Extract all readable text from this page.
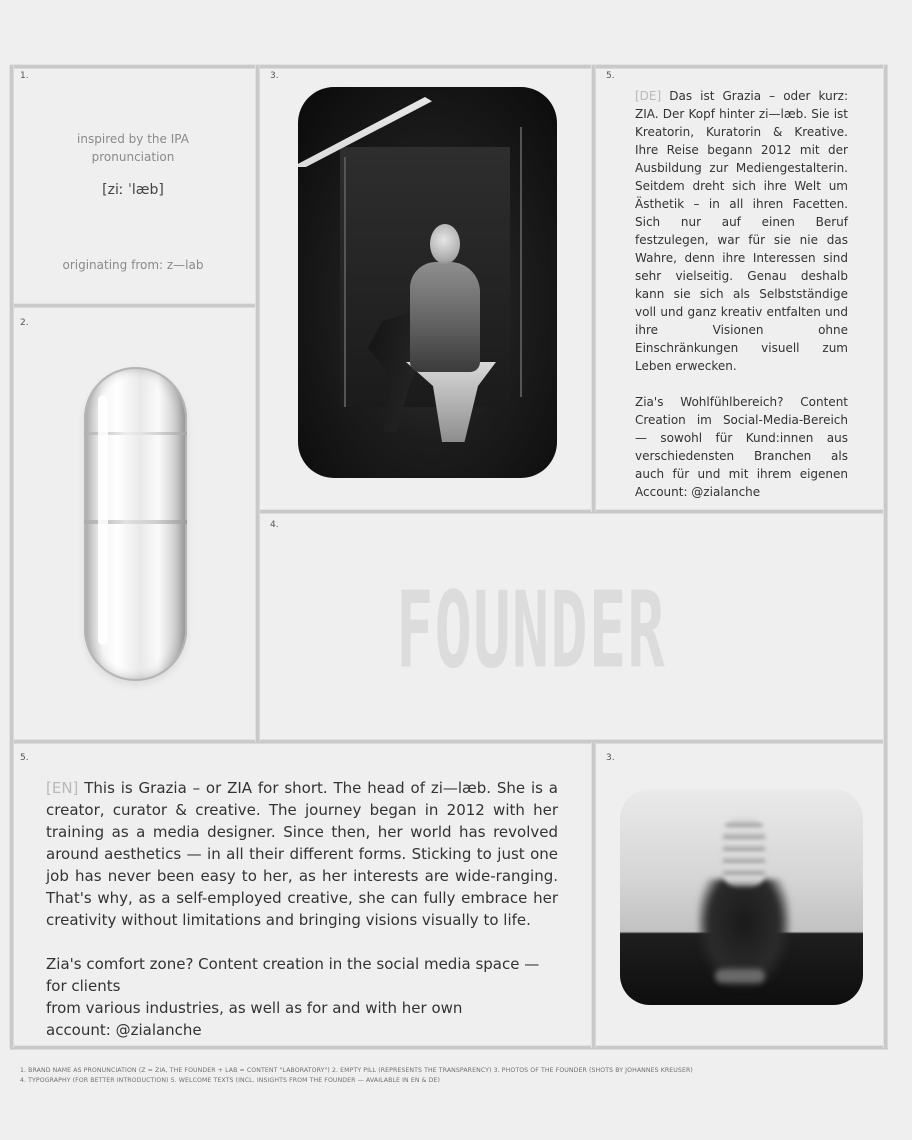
1.
2.
3.
4.
5.
5.	3.
inspired by the IPA
pronunciation
[ziː ˈlæb]
originating from: z—lab

[DE] Das ist Grazia – oder kurz: ZIA. Der Kopf hinter zi—læb. Sie ist Kreatorin, Kuratorin & Kreative. Ihre Reise begann 2012 mit der Ausbildung zur Mediengestalterin. Seitdem dreht sich ihre Welt um Ästhetik – in all ihren Facetten. Sich nur auf einen Beruf festzulegen, war für sie nie das Wahre, denn ihre Interessen sind sehr vielseitig. Genau deshalb kann sie sich als Selbstständige voll und ganz kreativ entfalten und ihre Visionen ohne Einschränkungen visuell zum Leben erwecken.

Zia's Wohlfühlbereich? Content Creation im Social-Media-Bereich — sowohl für Kund:innen aus verschiedensten Branchen als auch für und mit ihrem eigenen Account: @zialanche

FOUNDER

[EN] This is Grazia – or ZIA for short. The head of zi—læb. She is a creator, curator & creative. The journey began in 2012 with her training as a media designer. Since then, her world has revolved around aesthetics — in all their different forms. Sticking to just one job has never been easy to her, as her interests are wide-ranging. That's why, as a self-employed creative, she can fully embrace her creativity without limitations and bringing visions visually to life.

Zia's comfort zone? Content creation in the social media space — for clients
from various industries, as well as for and with her own
account: @zialanche

1. BRAND NAME AS PRONUNCIATION (Z = ZIA, THE FOUNDER + LAB = CONTENT "LABORATORY") 2. EMPTY PILL (REPRESENTS THE TRANSPARENCY) 3. PHOTOS OF THE FOUNDER (SHOTS BY JOHANNES KREUSER)
4. TYPOGRAPHY (FOR BETTER INTRODUCTION) 5. WELCOME TEXTS (INCL. INSIGHTS FROM THE FOUNDER — AVAILABLE IN EN & DE)
